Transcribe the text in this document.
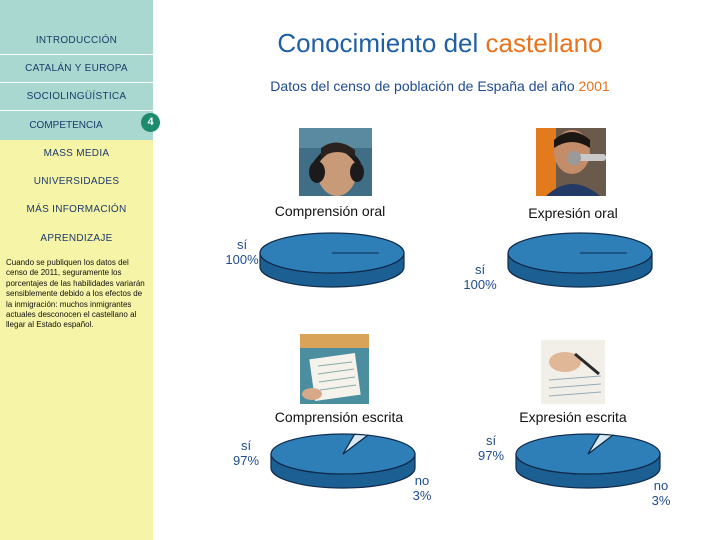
INTRODUCCIÓN
CATALÁN Y EUROPA
SOCIOLINGÜÍSTICA
COMPETENCIA
MASS MEDIA
UNIVERSIDADES
MÁS INFORMACIÓN
APRENDIZAJE
Cuando se publiquen los datos del censo de 2011, seguramente los porcentajes de las habilidades variarán sensiblemente debido a los efectos de la inmigración: muchos inmigrantes actuales desconocen el castellano al llegar al Estado español.
4
Conocimiento del castellano
Datos del censo de población de España del año 2001
Comprensión oral	Expresión oral
Comprensión escrita	Expresión escrita
sí
100%
sí
100%
sí
97%
no
3%
sí
97%
no
3%
